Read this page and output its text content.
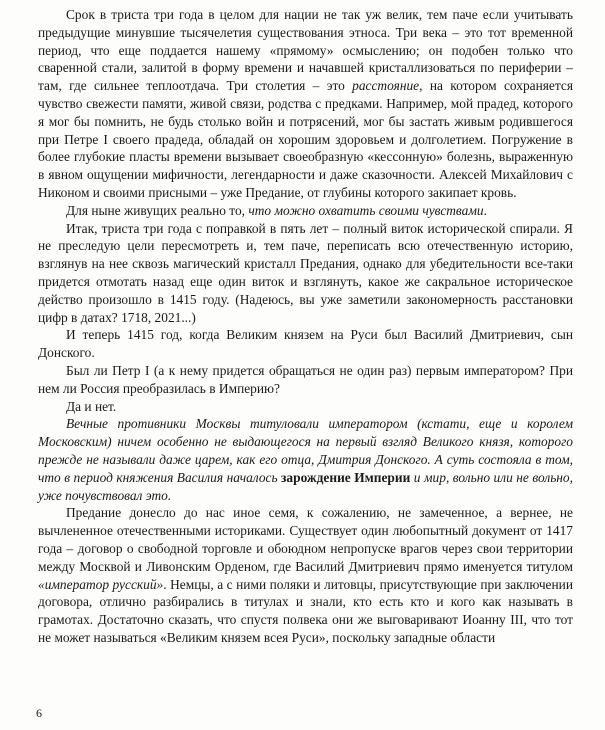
Срок в триста три года в целом для нации не так уж велик, тем паче если учитывать предыдущие минувшие тысячелетия существования этноса. Три века – это тот временной период, что еще поддается нашему «прямому» осмыслению; он подобен только что сваренной стали, залитой в форму времени и начавшей кристаллизоваться по периферии – там, где сильнее теплоотдача. Три столетия – это расстояние, на котором сохраняется чувство свежести памяти, живой связи, родства с предками. Например, мой прадед, которого я мог бы помнить, не будь столько войн и потрясений, мог бы застать живым родившегося при Петре I своего прадеда, обладай он хорошим здоровьем и долголетием. Погружение в более глубокие пласты времени вызывает своеобразную «кессонную» болезнь, выраженную в явном ощущении мифичности, легендарности и даже сказочности. Алексей Михайлович с Никоном и своими присными – уже Предание, от глубины которого закипает кровь.

Для ныне живущих реально то, что можно охватить своими чувствами.

Итак, триста три года с поправкой в пять лет – полный виток исторической спирали. Я не преследую цели пересмотреть и, тем паче, переписать всю отечественную историю, взглянув на нее сквозь магический кристалл Предания, однако для убедительности все-таки придется отмотать назад еще один виток и взглянуть, какое же сакральное историческое действо произошло в 1415 году. (Надеюсь, вы уже заметили закономерность расстановки цифр в датах? 1718, 2021...)

И теперь 1415 год, когда Великим князем на Руси был Василий Дмитриевич, сын Донского.

Был ли Петр I (а к нему придется обращаться не один раз) первым императором? При нем ли Россия преобразилась в Империю?

Да и нет.

Вечные противники Москвы титуловали императором (кстати, еще и королем Московским) ничем особенно не выдающегося на первый взгляд Великого князя, которого прежде не называли даже царем, как его отца, Дмитрия Донского. А суть состояла в том, что в период княжения Василия началось зарождение Империи и мир, вольно или не вольно, уже почувствовал это.

Предание донесло до нас иное семя, к сожалению, не замеченное, а вернее, не вычлененное отечественными историками. Существует один любопытный документ от 1417 года – договор о свободной торговле и обоюдном непропуске врагов через свои территории между Москвой и Ливонским Орденом, где Василий Дмитриевич прямо именуется титулом «император русский». Немцы, а с ними поляки и литовцы, присутствующие при заключении договора, отлично разбирались в титулах и знали, кто есть кто и кого как называть в грамотах. Достаточно сказать, что спустя полвека они же выговаривают Иоанну III, что тот не может называться «Великим князем всея Руси», поскольку западные области

6
